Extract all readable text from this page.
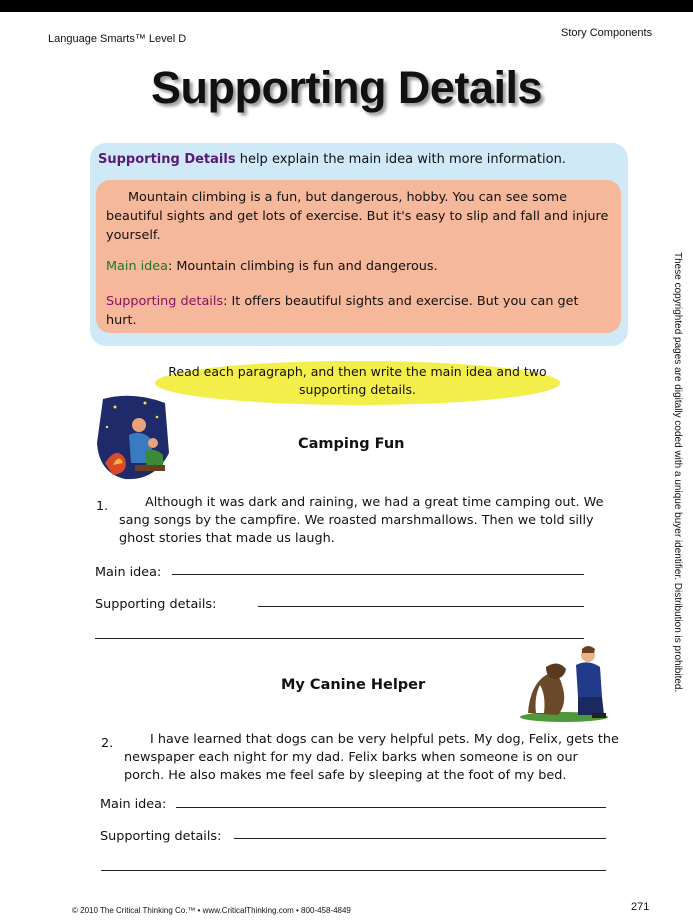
Language Smarts™ Level D	Story Components
Supporting Details
Supporting Details help explain the main idea with more information.

Mountain climbing is a fun, but dangerous, hobby. You can see some beautiful sights and get lots of exercise. But it's easy to slip and fall and injure yourself.

Main idea: Mountain climbing is fun and dangerous.

Supporting details: It offers beautiful sights and exercise. But you can get hurt.

Read each paragraph, and then write the main idea and two supporting details.
Camping Fun
1.	Although it was dark and raining, we had a great time camping out. We sang songs by the campfire. We roasted marshmallows. Then we told silly ghost stories that made us laugh.

Main idea:
Supporting details:
My Canine Helper
2.	I have learned that dogs can be very helpful pets. My dog, Felix, gets the newspaper each night for my dad. Felix barks when someone is on our porch. He also makes me feel safe by sleeping at the foot of my bed.

Main idea:
Supporting details:
© 2010 The Critical Thinking Co.™ • www.CriticalThinking.com • 800-458-4849	271
These copyrighted pages are digitally coded with a unique buyer identifier. Distribution is prohibited.
